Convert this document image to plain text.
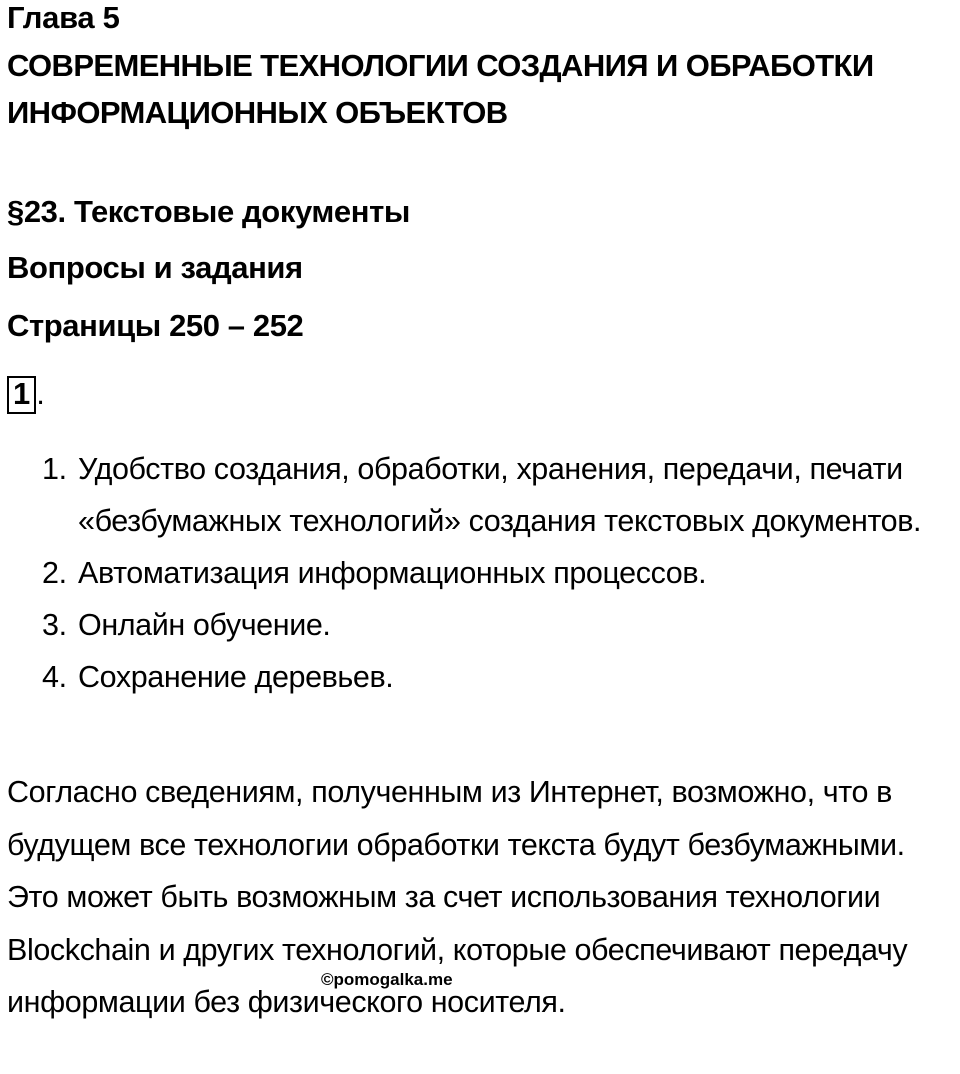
Глава 5
СОВРЕМЕННЫЕ ТЕХНОЛОГИИ СОЗДАНИЯ И ОБРАБОТКИ ИНФОРМАЦИОННЫХ ОБЪЕКТОВ
§23. Текстовые документы
Вопросы и задания
Страницы 250 – 252
1 .
1. Удобство создания, обработки, хранения, передачи, печати «безбумажных технологий» создания текстовых документов.
2. Автоматизация информационных процессов.
3. Онлайн обучение.
4. Сохранение деревьев.

Согласно сведениям, полученным из Интернет, возможно, что в будущем все технологии обработки текста будут безбумажными. Это может быть возможным за счет использования технологии Blockchain и других технологий, которые обеспечивают передачу информации без физического носителя.

©pomogalka.me
